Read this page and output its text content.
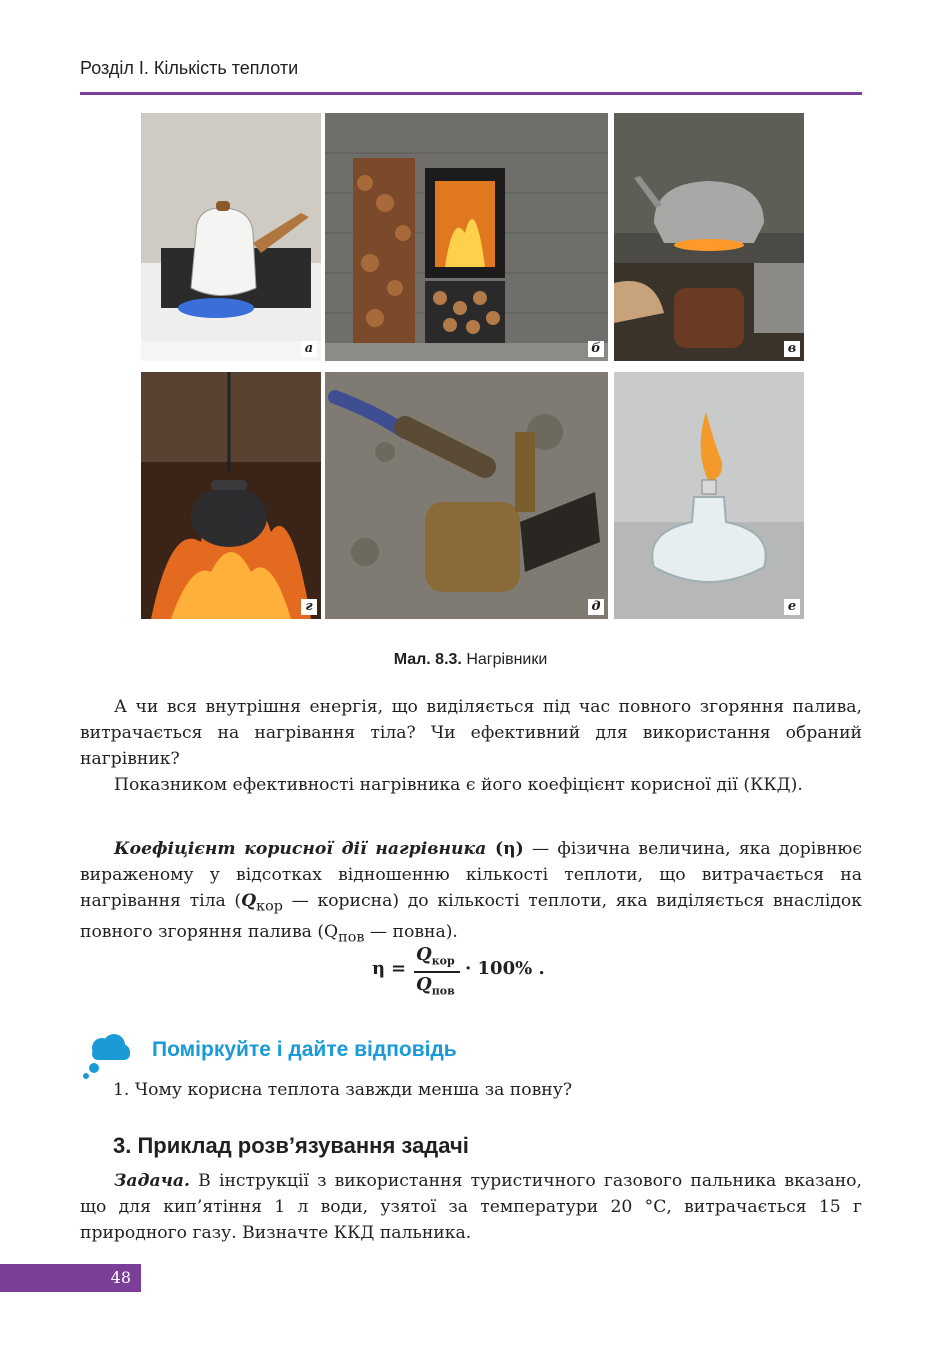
Розділ І. Кількість теплоти
а	б	в
г	д	е
Мал. 8.3. Нагрівники

А чи вся внутрішня енергія, що виділяється під час повного згоряння палива, витрачається на нагрівання тіла? Чи ефективний для використання обраний нагрівник?

Показником ефективності нагрівника є його коефіцієнт корисної дії (ККД).

Коефіцієнт корисної дії нагрівника (η) — фізична величина, яка дорівнює вираженому у відсотках відношенню кількості теплоти, що витрачається на нагрівання тіла ($Q_{кор}$ — корисна) до кількості теплоти, яка виділяється внаслідок повного згоряння палива ($Q_{пов}$ — повна).

η =
$Q_{кор}$
$Q_{пов}$
· 100% .
Поміркуйте і дайте відповідь
1. Чому корисна теплота завжди менша за повну?
3. Приклад розв’язування задачі

Задача. В інструкції з використання туристичного газового пальника вказано, що для кип’ятіння 1 л води, узятої за температури 20 °С, витрачається 15 г природного газу. Визначте ККД пальника.

48
